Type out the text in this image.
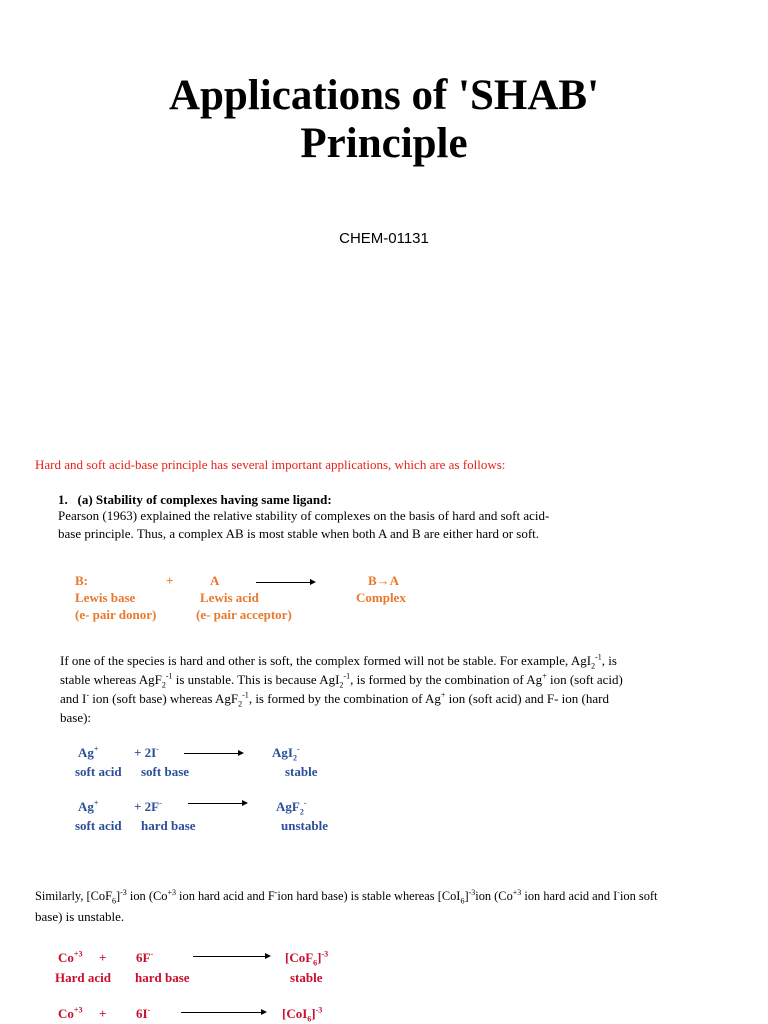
Applications of 'SHAB'
Principle
CHEM-01131
Hard and soft acid-base principle has several important applications, which are as follows:
1. (a) Stability of complexes having same ligand:
Pearson (1963) explained the relative stability of complexes on the basis of hard and soft acid-
base principle. Thus, a complex AB is most stable when both A and B are either hard or soft.
B:	+	A	B→A
Lewis base	Lewis acid	Complex
(e- pair donor)	(e- pair acceptor)
If one of the species is hard and other is soft, the complex formed will not be stable. For example, AgI$_2^{-1}$, is
stable whereas AgF$_2^{-1}$ is unstable. This is because AgI$_2^{-1}$, is formed by the combination of Ag+ ion (soft acid)
and I- ion (soft base) whereas AgF$_2^{-1}$, is formed by the combination of Ag+ ion (soft acid) and F- ion (hard
base):
Ag+	+ 2I-	AgI$_2$-
soft acid soft base	stable
Ag+	+ 2F-	AgF$_2$-
soft acid hard base	unstable
Similarly, $[CoF_6]^{-3}$ ion ($Co^{+3}$ ion hard acid and F-ion hard base) is stable whereas $[CoI_6]^{-3}ion$ ($Co^{+3}$ ion hard acid and I-ion soft
base) is unstable.
$Co^{+3} + 6F^-$	$[CoF_6]^{-3}$
Hard acid hard base	stable
$Co^{+3} + 6I^-$	$[CoI_6]^{-3}$
